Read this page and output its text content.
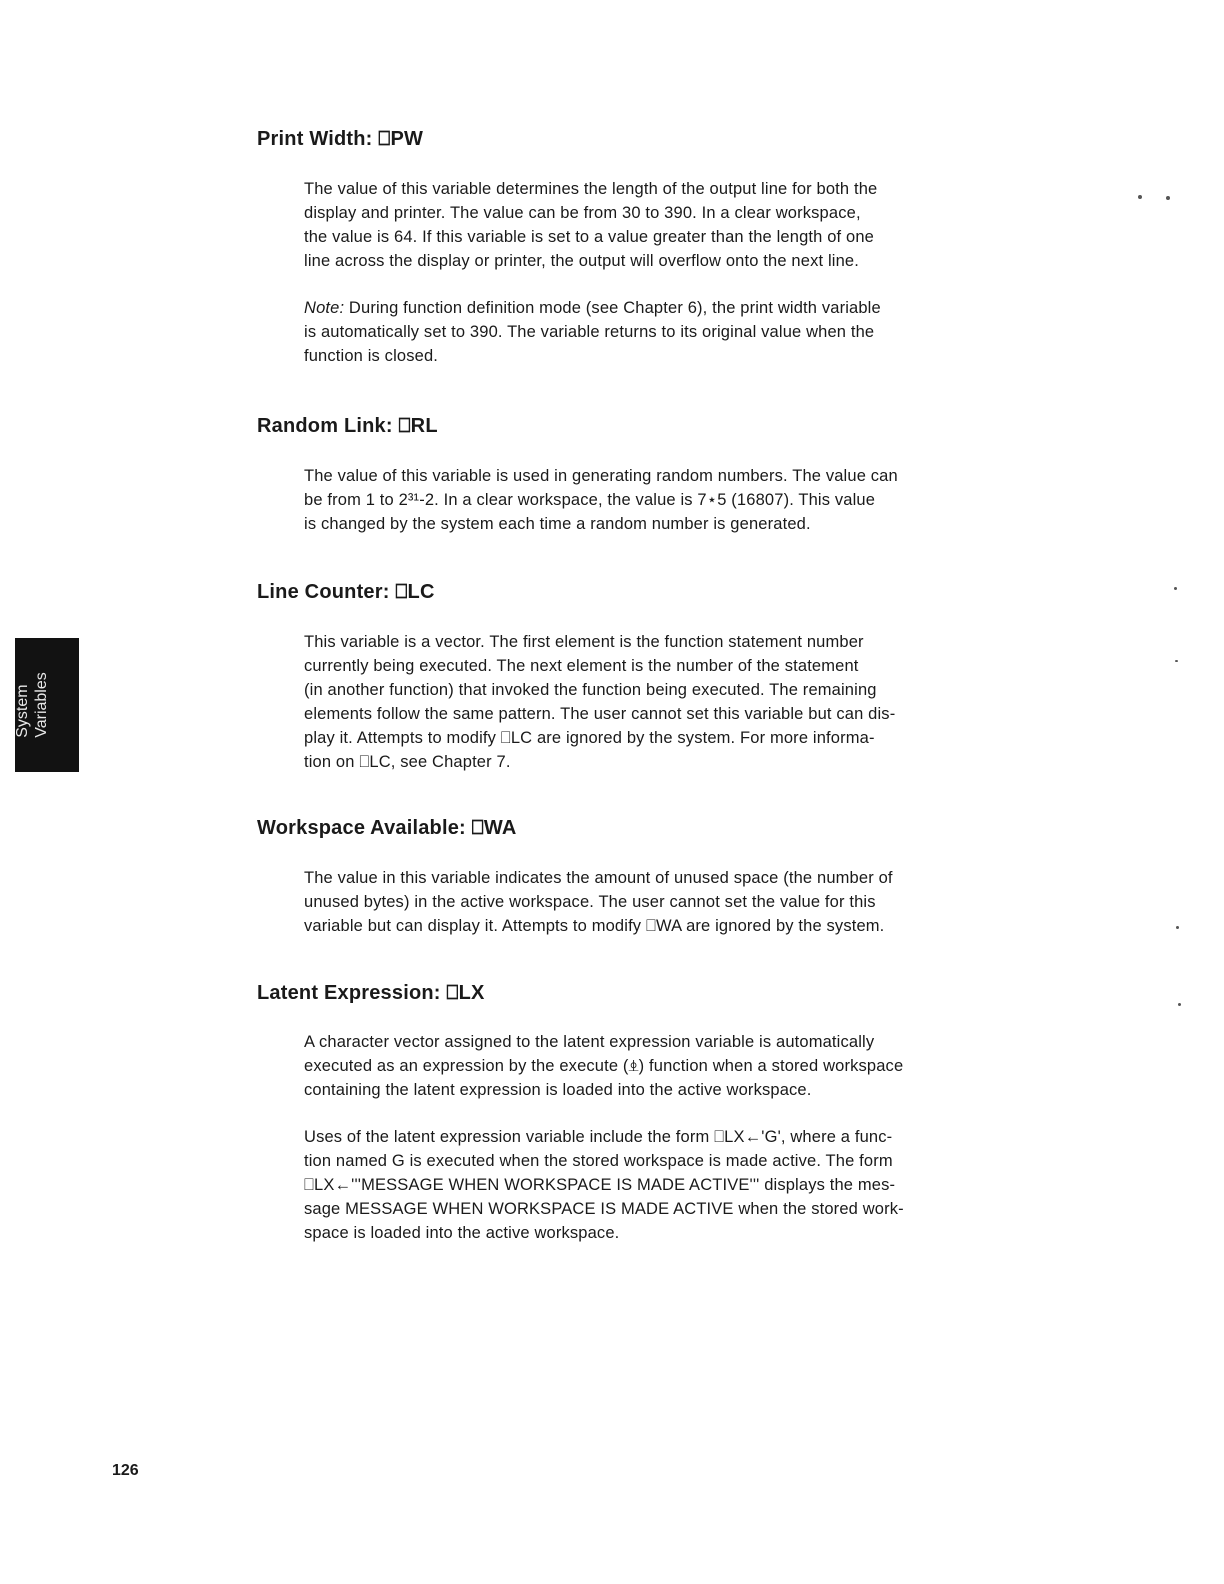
Print Width: ⎕PW

The value of this variable determines the length of the output line for both the
display and printer. The value can be from 30 to 390. In a clear workspace,
the value is 64. If this variable is set to a value greater than the length of one
line across the display or printer, the output will overflow onto the next line.

Note: During function definition mode (see Chapter 6), the print width variable
is automatically set to 390. The variable returns to its original value when the
function is closed.

Random Link: ⎕RL

The value of this variable is used in generating random numbers. The value can
be from 1 to 2³¹-2. In a clear workspace, the value is 7⋆5 (16807). This value
is changed by the system each time a random number is generated.

Line Counter: ⎕LC

This variable is a vector. The first element is the function statement number
currently being executed. The next element is the number of the statement
(in another function) that invoked the function being executed. The remaining
elements follow the same pattern. The user cannot set this variable but can dis-
play it. Attempts to modify ⎕LC are ignored by the system. For more informa-
tion on ⎕LC, see Chapter 7.

Workspace Available: ⎕WA

The value in this variable indicates the amount of unused space (the number of
unused bytes) in the active workspace. The user cannot set the value for this
variable but can display it. Attempts to modify ⎕WA are ignored by the system.

Latent Expression: ⎕LX

A character vector assigned to the latent expression variable is automatically
executed as an expression by the execute (⍎) function when a stored workspace
containing the latent expression is loaded into the active workspace.

Uses of the latent expression variable include the form ⎕LX←'G', where a func-
tion named G is executed when the stored workspace is made active. The form
⎕LX←'''MESSAGE WHEN WORKSPACE IS MADE ACTIVE''' displays the mes-
sage MESSAGE WHEN WORKSPACE IS MADE ACTIVE when the stored work-
space is loaded into the active workspace.

System Variables
126
